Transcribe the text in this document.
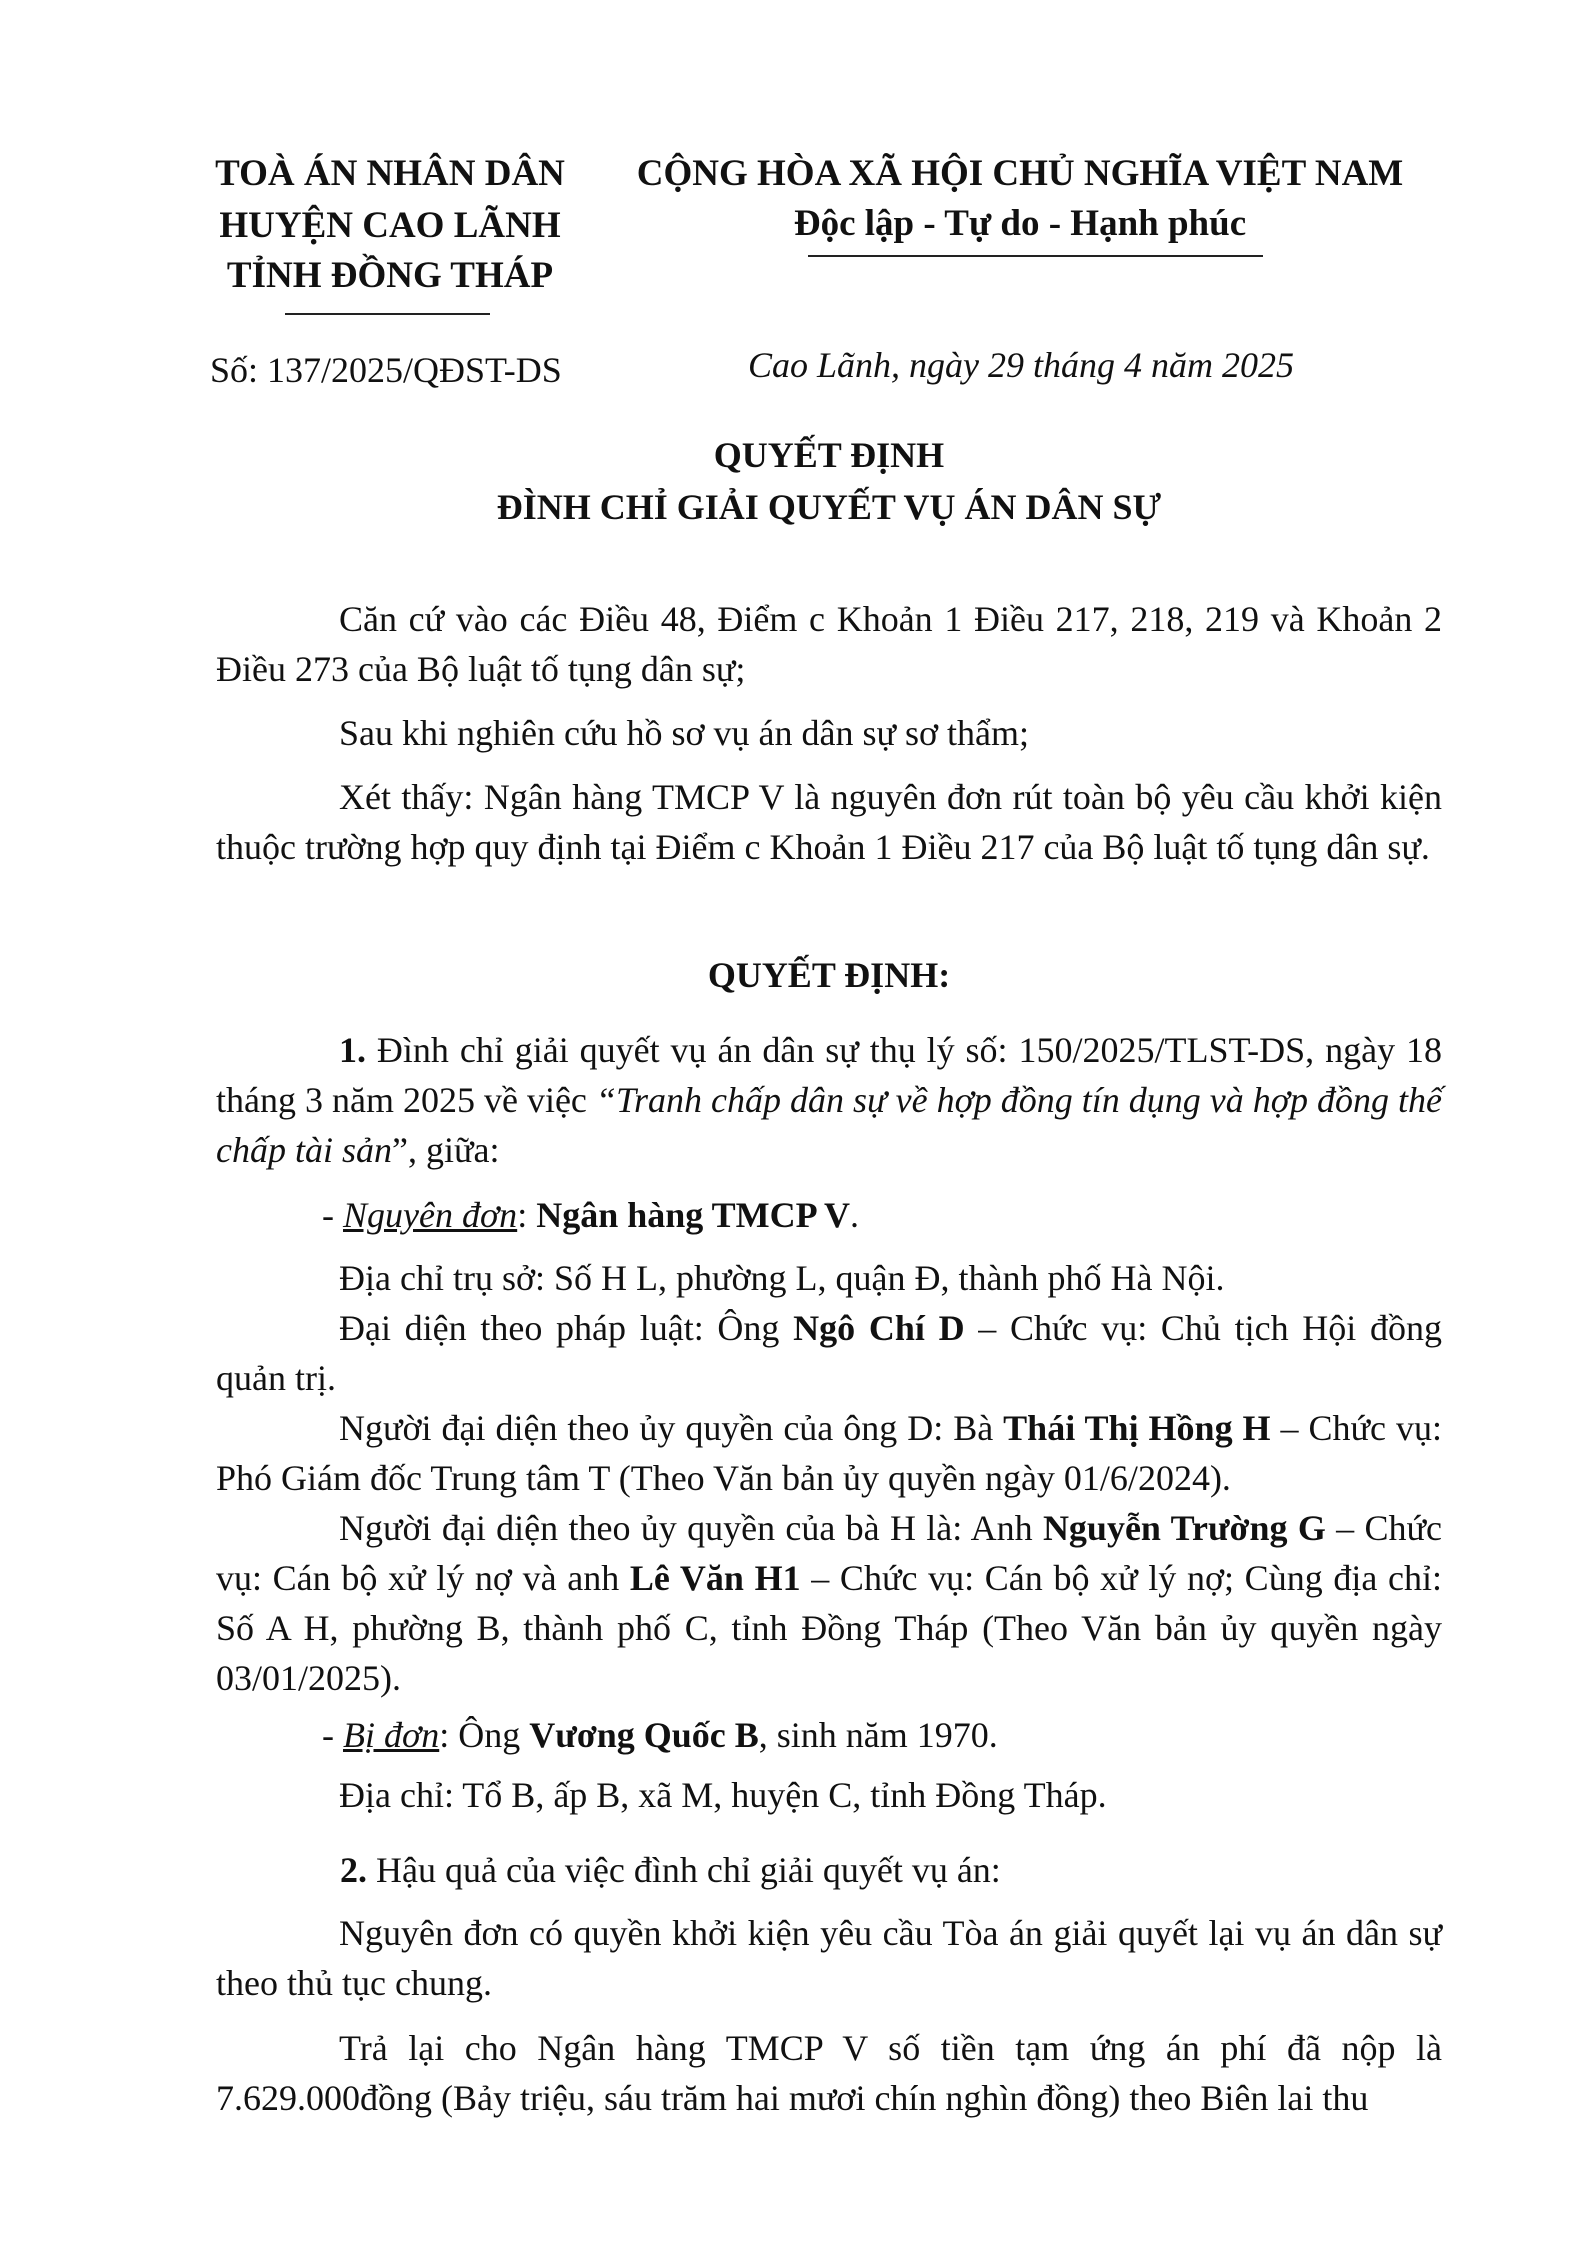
TOÀ ÁN NHÂN DÂN
HUYỆN CAO LÃNH
TỈNH ĐỒNG THÁP
CỘNG HÒA XÃ HỘI CHỦ NGHĨA VIỆT NAM
Độc lập - Tự do - Hạnh phúc
Số: 137/2025/QĐST-DS	Cao Lãnh, ngày 29 tháng 4 năm 2025
QUYẾT ĐỊNH
ĐÌNH CHỈ GIẢI QUYẾT VỤ ÁN DÂN SỰ
Căn cứ vào các Điều 48, Điểm c Khoản 1 Điều 217, 218, 219 và Khoản 2 Điều 273 của Bộ luật tố tụng dân sự;
Sau khi nghiên cứu hồ sơ vụ án dân sự sơ thẩm;
Xét thấy: Ngân hàng TMCP V là nguyên đơn rút toàn bộ yêu cầu khởi kiện thuộc trường hợp quy định tại Điểm c Khoản 1 Điều 217 của Bộ luật tố tụng dân sự.
QUYẾT ĐỊNH:
1. Đình chỉ giải quyết vụ án dân sự thụ lý số: 150/2025/TLST-DS, ngày 18 tháng 3 năm 2025 về việc “Tranh chấp dân sự về hợp đồng tín dụng và hợp đồng thế chấp tài sản”, giữa:
- Nguyên đơn: Ngân hàng TMCP V.
Địa chỉ trụ sở: Số H L, phường L, quận Đ, thành phố Hà Nội.
Đại diện theo pháp luật: Ông Ngô Chí D – Chức vụ: Chủ tịch Hội đồng quản trị.
Người đại diện theo ủy quyền của ông D: Bà Thái Thị Hồng H – Chức vụ: Phó Giám đốc Trung tâm T (Theo Văn bản ủy quyền ngày 01/6/2024).
Người đại diện theo ủy quyền của bà H là: Anh Nguyễn Trường G – Chức vụ: Cán bộ xử lý nợ và anh Lê Văn H1 – Chức vụ: Cán bộ xử lý nợ; Cùng địa chỉ: Số A H, phường B, thành phố C, tỉnh Đồng Tháp (Theo Văn bản ủy quyền ngày 03/01/2025).
- Bị đơn: Ông Vương Quốc B, sinh năm 1970.
Địa chỉ: Tổ B, ấp B, xã M, huyện C, tỉnh Đồng Tháp.
2. Hậu quả của việc đình chỉ giải quyết vụ án:
Nguyên đơn có quyền khởi kiện yêu cầu Tòa án giải quyết lại vụ án dân sự theo thủ tục chung.
Trả lại cho Ngân hàng TMCP V số tiền tạm ứng án phí đã nộp là 7.629.000đồng (Bảy triệu, sáu trăm hai mươi chín nghìn đồng) theo Biên lai thu
